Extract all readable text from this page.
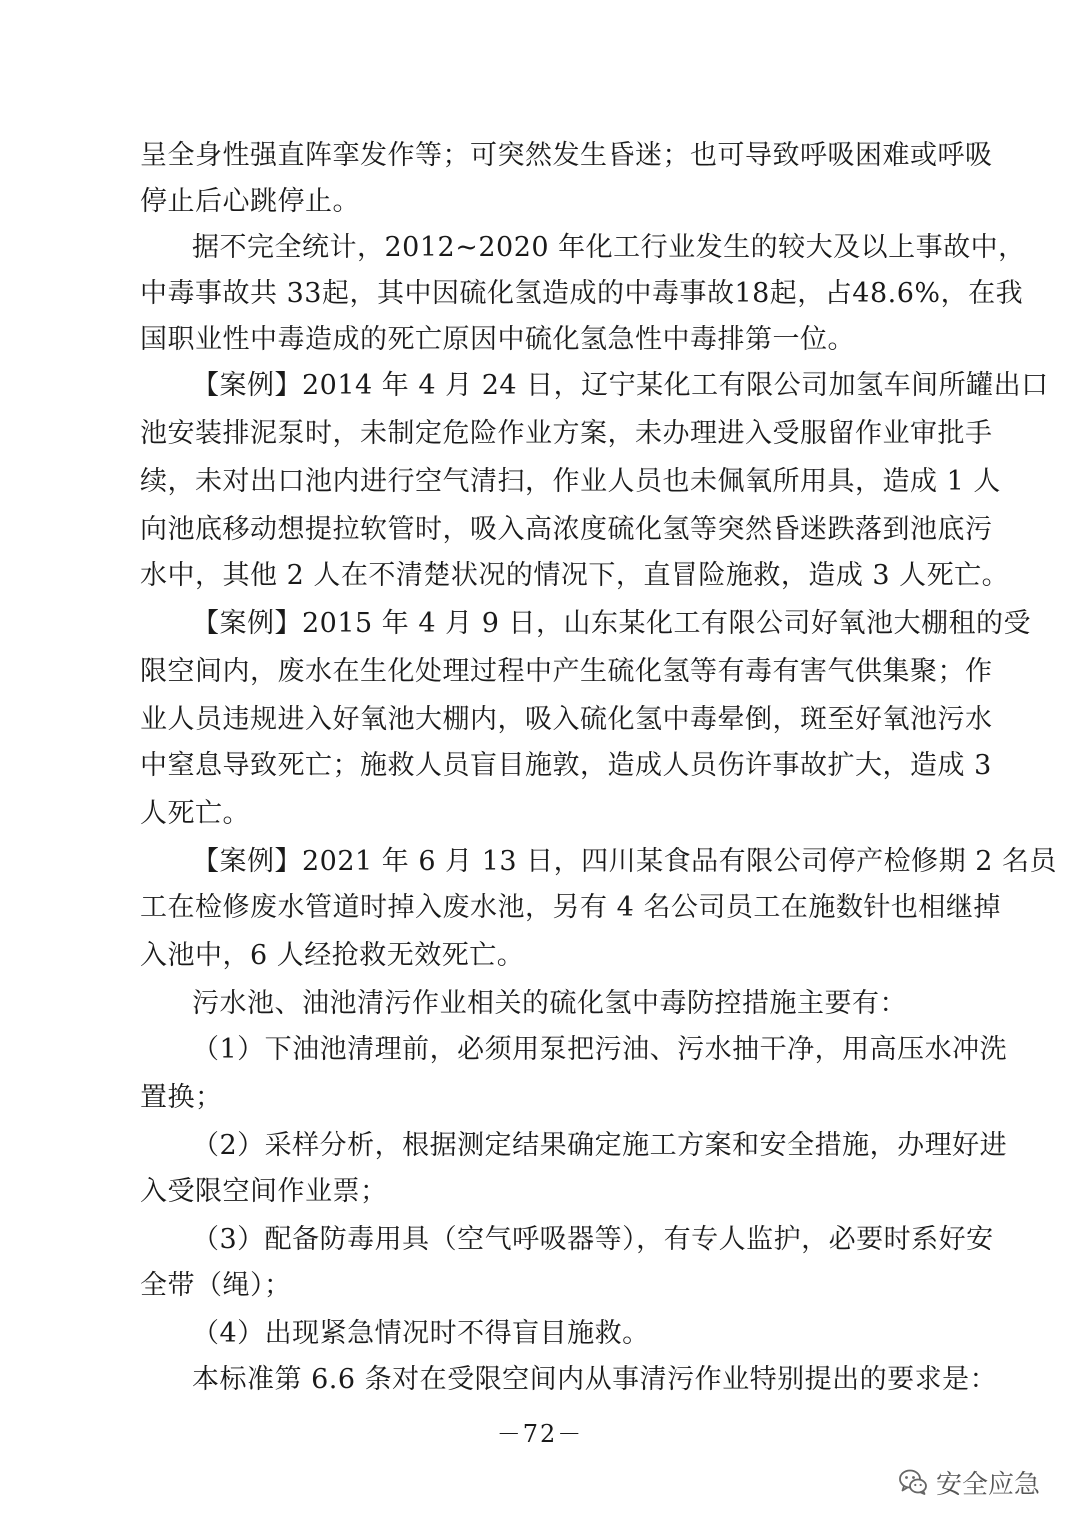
呈全身性强直阵挛发作等；可突然发生昏迷；也可导致呼吸困难或呼吸
停止后心跳停止。
据不完全统计，2012~2020 年化工行业发生的较大及以上事故中，
中毒事故共 33起，其中因硫化氢造成的中毒事故18起，占48.6%，在我
国职业性中毒造成的死亡原因中硫化氢急性中毒排第一位。
【案例】2014 年 4 月 24 日，辽宁某化工有限公司加氢车间所罐出口
池安装排泥泵时，未制定危险作业方案，未办理进入受服留作业审批手
续，未对出口池内进行空气清扫，作业人员也未佩氧所用具，造成 1 人
向池底移动想提拉软管时，吸入高浓度硫化氢等突然昏迷跌落到池底污
水中，其他 2 人在不清楚状况的情况下，直冒险施救，造成 3 人死亡。
【案例】2015 年 4 月 9 日，山东某化工有限公司好氧池大棚租的受
限空间内，废水在生化处理过程中产生硫化氢等有毒有害气供集聚；作
业人员违规进入好氧池大棚内，吸入硫化氢中毒晕倒，斑至好氧池污水
中窒息导致死亡；施救人员盲目施敦，造成人员伤许事故扩大，造成 3
人死亡。
【案例】2021 年 6 月 13 日，四川某食品有限公司停产检修期 2 名员
工在检修废水管道时掉入废水池，另有 4 名公司员工在施数针也相继掉
入池中，6 人经抢救无效死亡。
污水池、油池清污作业相关的硫化氢中毒防控措施主要有：
（1）下油池清理前，必须用泵把污油、污水抽干净，用高压水冲洗
置换；
（2）采样分析，根据测定结果确定施工方案和安全措施，办理好进
入受限空间作业票；
（3）配备防毒用具（空气呼吸器等），有专人监护，必要时系好安
全带（绳）；
（4）出现紧急情况时不得盲目施救。
本标准第 6.6 条对在受限空间内从事清污作业特别提出的要求是：
－72－
安全应急
